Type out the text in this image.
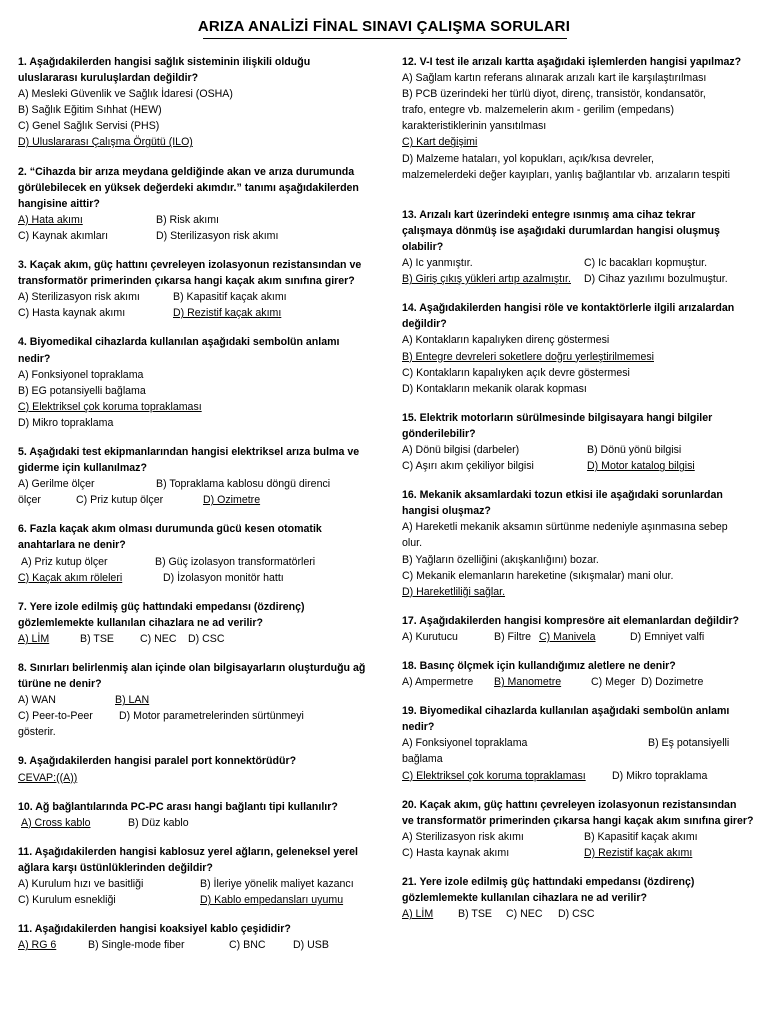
ARIZA ANALİZİ FİNAL SINAVI ÇALIŞMA SORULARI
1. Aşağıdakilerden hangisi sağlık sisteminin ilişkili olduğu
uluslararası kuruluşlardan değildir?
A) Mesleki Güvenlik ve Sağlık İdaresi (OSHA)
B) Sağlık Eğitim Sıhhat (HEW)
C) Genel Sağlık Servisi (PHS)
D) Uluslararası Çalışma Örgütü (ILO)
2. “Cihazda bir arıza meydana geldiğinde akan ve arıza durumunda
görülebilecek en yüksek değerdeki akımdır.” tanımı aşağıdakilerden
hangisine aittir?
A) Hata akımı	B) Risk akımı
C) Kaynak akımları	D) Sterilizasyon risk akımı
3. Kaçak akım, güç hattını çevreleyen izolasyonun rezistansından ve
transformatör primerinden çıkarsa hangi kaçak akım sınıfına girer?
A) Sterilizasyon risk akımı	B) Kapasitif kaçak akımı
C) Hasta kaynak akımı	D) Rezistif kaçak akımı
4. Biyomedikal cihazlarda kullanılan aşağıdaki sembolün anlamı
nedir?
A) Fonksiyonel topraklama
B) EG potansiyelli bağlama
C) Elektriksel çok koruma topraklaması
D) Mikro topraklama
5. Aşağıdaki test ekipmanlarından hangisi elektriksel arıza bulma ve
giderme için kullanılmaz?
A) Gerilme ölçer	B) Topraklama kablosu döngü direnci
ölçer	C) Priz kutup ölçer	D) Ozimetre
6. Fazla kaçak akım olması durumunda gücü kesen otomatik
anahtarlara ne denir?
A) Priz kutup ölçer	B) Güç izolasyon transformatörleri
C) Kaçak akım röleleri	D) İzolasyon monitör hattı
7. Yere izole edilmiş güç hattındaki empedansı (özdirenç)
gözlemlemekte kullanılan cihazlara ne ad verilir?
A) LİM	B) TSE C) NEC D) CSC
8. Sınırları belirlenmiş alan içinde olan bilgisayarların oluşturduğu ağ
türüne ne denir?
A) WAN	B) LAN
C) Peer-to-Peer D) Motor parametrelerinden sürtünmeyi
gösterir.
9. Aşağıdakilerden hangisi paralel port konnektörüdür?
CEVAP:((A))
10. Ağ bağlantılarında PC-PC arası hangi bağlantı tipi kullanılır?
A) Cross kablo	B) Düz kablo
11. Aşağıdakilerden hangisi kablosuz yerel ağların, geleneksel yerel
ağlara karşı üstünlüklerinden değildir?
A) Kurulum hızı ve basitliği	B) İleriye yönelik maliyet kazancı
C) Kurulum esnekliği	D) Kablo empedansları uyumu
11. Aşağıdakilerden hangisi koaksiyel kablo çeşididir?
A) RG 6	B) Single-mode fiber	C) BNC	D) USB
12. V-I test ile arızalı kartta aşağıdaki işlemlerden hangisi yapılmaz?
A) Sağlam kartın referans alınarak arızalı kart ile karşılaştırılması
B) PCB üzerindeki her türlü diyot, direnç, transistör, kondansatör,
trafo, entegre vb. malzemelerin akım - gerilim (empedans)
karakteristiklerinin yansıtılması
C) Kart değişimi
D) Malzeme hataları, yol kopukları, açık/kısa devreler,
malzemelerdeki değer kayıpları, yanlış bağlantılar vb. arızaların tespiti
13. Arızalı kart üzerindeki entegre ısınmış ama cihaz tekrar
çalışmaya dönmüş ise aşağıdaki durumlardan hangisi oluşmuş
olabilir?
A) Ic yanmıştır.	C) Ic bacakları kopmuştur.
B) Giriş çıkış yükleri artıp azalmıştır. D) Cihaz yazılımı bozulmuştur.
14. Aşağıdakilerden hangisi röle ve kontaktörlerle ilgili arızalardan
değildir?
A) Kontakların kapalıyken direnç göstermesi
B) Entegre devreleri soketlere doğru yerleştirilmemesi
C) Kontakların kapalıyken açık devre göstermesi
D) Kontakların mekanik olarak kopması
15. Elektrik motorların sürülmesinde bilgisayara hangi bilgiler
gönderilebilir?
A) Dönü bilgisi (darbeler)	B) Dönü yönü bilgisi
C) Aşırı akım çekiliyor bilgisi	D) Motor katalog bilgisi
16. Mekanik aksamlardaki tozun etkisi ile aşağıdaki sorunlardan
hangisi oluşmaz?
A) Hareketli mekanik aksamın sürtünme nedeniyle aşınmasına sebep
olur.
B) Yağların özelliğini (akışkanlığını) bozar.
C) Mekanik elemanların hareketine (sıkışmalar) mani olur.
D) Hareketliliği sağlar.
17. Aşağıdakilerden hangisi kompresöre ait elemanlardan değildir?
A) Kurutucu	B) Filtre C) Manivela	D) Emniyet valfi
18. Basınç ölçmek için kullandığımız aletlere ne denir?
A) Ampermetre B) Manometre	C) Meger D) Dozimetre
19. Biyomedikal cihazlarda kullanılan aşağıdaki sembolün anlamı
nedir?
A) Fonksiyonel topraklama	B) Eş potansiyelli
bağlama
C) Elektriksel çok koruma topraklaması D) Mikro topraklama
20. Kaçak akım, güç hattını çevreleyen izolasyonun rezistansından
ve transformatör primerinden çıkarsa hangi kaçak akım sınıfına girer?
A) Sterilizasyon risk akımı	B) Kapasitif kaçak akımı
C) Hasta kaynak akımı	D) Rezistif kaçak akımı
21. Yere izole edilmiş güç hattındaki empedansı (özdirenç)
gözlemlemekte kullanılan cihazlara ne ad verilir?
A) LİM B) TSE C) NEC D) CSC
